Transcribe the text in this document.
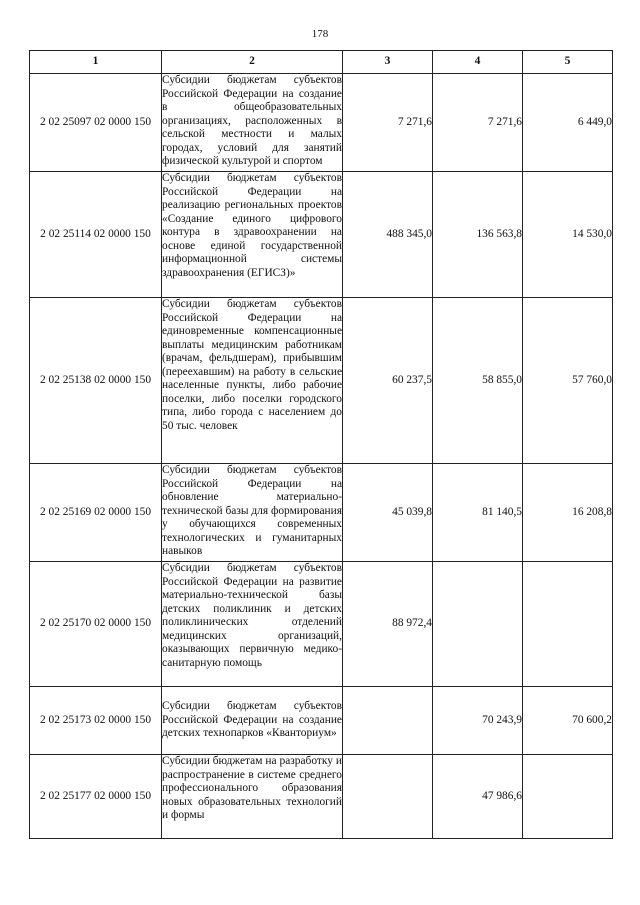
178
1	2	3	4	5
2 02 25097 02 0000 150	Субсидии бюджетам субъектов Российской Федерации на создание в общеобразовательных организациях, расположенных в сельской местности и малых городах, условий для занятий физической культурой и спортом	7 271,6	7 271,6	6 449,0
2 02 25114 02 0000 150	Субсидии бюджетам субъектов Российской Федерации на реализацию региональных проектов «Создание единого цифрового контура в здравоохранении на основе единой государственной информационной системы здравоохранения (ЕГИСЗ)»	488 345,0	136 563,8	14 530,0
2 02 25138 02 0000 150	Субсидии бюджетам субъектов Российской Федерации на единовременные компенсационные выплаты медицинским работникам (врачам, фельдшерам), прибывшим (переехавшим) на работу в сельские населенные пункты, либо рабочие поселки, либо поселки городского типа, либо города с населением до 50 тыс. человек	60 237,5	58 855,0	57 760,0
2 02 25169 02 0000 150	Субсидии бюджетам субъектов Российской Федерации на обновление материально-технической базы для формирования у обучающихся современных технологических и гуманитарных навыков	45 039,8	81 140,5	16 208,8
2 02 25170 02 0000 150	Субсидии бюджетам субъектов Российской Федерации на развитие материально-технической базы детских поликлиник и детских поликлинических отделений медицинских организаций, оказывающих первичную медико-санитарную помощь	88 972,4		
2 02 25173 02 0000 150	Субсидии бюджетам субъектов Российской Федерации на создание детских технопарков «Кванториум»		70 243,9	70 600,2
2 02 25177 02 0000 150	Субсидии бюджетам на разработку и распространение в системе среднего профессионального образования новых образовательных технологий и формы		47 986,6	
